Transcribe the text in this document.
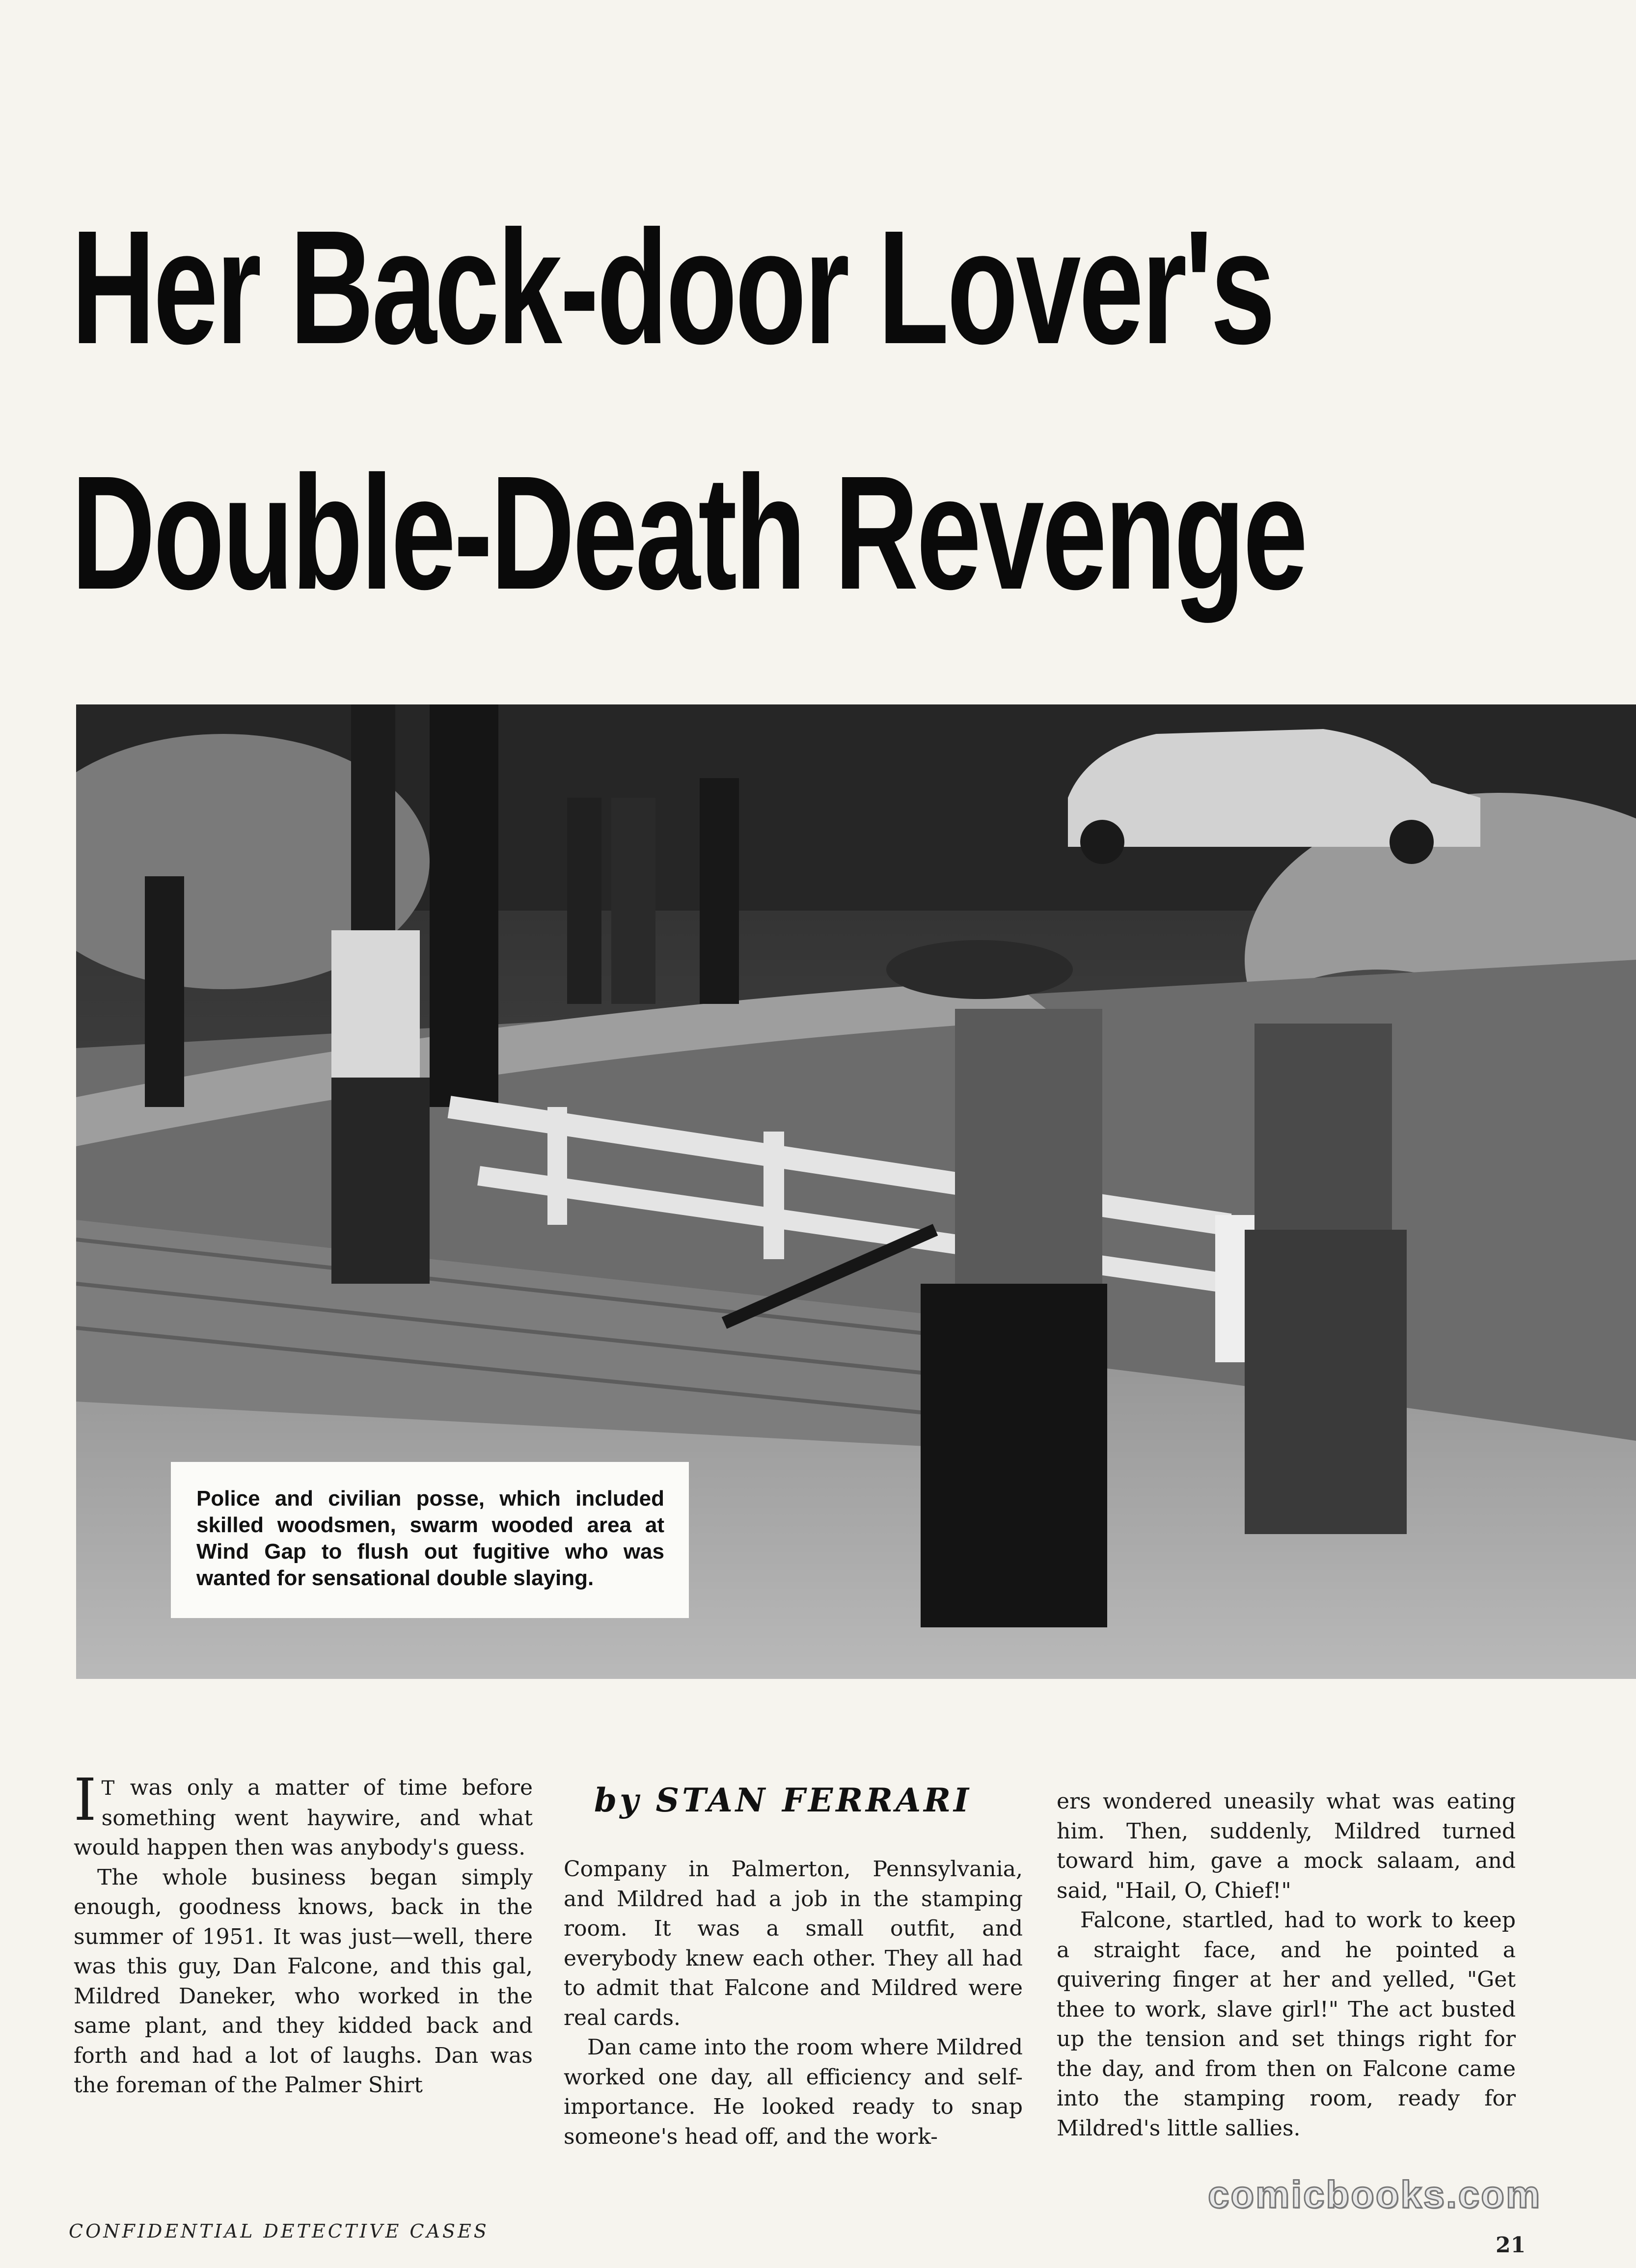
Her Back-door Lover's
Double-Death Revenge
Police and civilian posse, which included skilled woodsmen, swarm wooded area at Wind Gap to flush out fugitive who was wanted for sensational double slaying.
by STAN FERRARI

I T was only a matter of time before something went haywire, and what would happen then was anybody's guess.

The whole business began simply enough, goodness knows, back in the summer of 1951. It was just—well, there was this guy, Dan Falcone, and this gal, Mildred Daneker, who worked in the same plant, and they kidded back and forth and had a lot of laughs. Dan was the foreman of the Palmer Shirt

Company in Palmerton, Pennsylvania, and Mildred had a job in the stamping room. It was a small outfit, and everybody knew each other. They all had to admit that Falcone and Mildred were real cards.

Dan came into the room where Mildred worked one day, all efficiency and self-importance. He looked ready to snap someone's head off, and the work-

ers wondered uneasily what was eating him. Then, suddenly, Mildred turned toward him, gave a mock salaam, and said, "Hail, O, Chief!"

Falcone, startled, had to work to keep a straight face, and he pointed a quivering finger at her and yelled, "Get thee to work, slave girl!" The act busted up the tension and set things right for the day, and from then on Falcone came into the stamping room, ready for Mildred's little sallies.

comicbooks.com
CONFIDENTIAL DETECTIVE CASES
21
